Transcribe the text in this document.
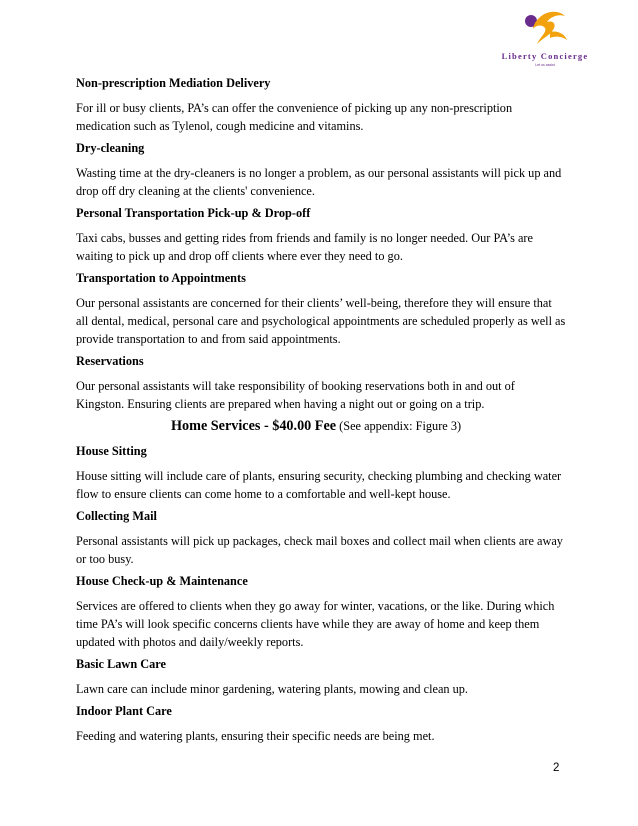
Liberty Concierge
Let us assist
Non-prescription Mediation Delivery

For ill or busy clients, PA’s can offer the convenience of picking up any non-prescription medication such as Tylenol, cough medicine and vitamins.

Dry-cleaning

Wasting time at the dry-cleaners is no longer a problem, as our personal assistants will pick up and drop off dry cleaning at the clients' convenience.

Personal Transportation Pick-up & Drop-off

Taxi cabs, busses and getting rides from friends and family is no longer needed. Our PA’s are waiting to pick up and drop off clients where ever they need to go.

Transportation to Appointments

Our personal assistants are concerned for their clients’ well-being, therefore they will ensure that all dental, medical, personal care and psychological appointments are scheduled properly as well as provide transportation to and from said appointments.

Reservations

Our personal assistants will take responsibility of booking reservations both in and out of Kingston. Ensuring clients are prepared when having a night out or going on a trip.

Home Services - $40.00 Fee (See appendix: Figure 3)
House Sitting

House sitting will include care of plants, ensuring security, checking plumbing and checking water flow to ensure clients can come home to a comfortable and well-kept house.

Collecting Mail

Personal assistants will pick up packages, check mail boxes and collect mail when clients are away or too busy.

House Check-up & Maintenance

Services are offered to clients when they go away for winter, vacations, or the like. During which time PA’s will look specific concerns clients have while they are away of home and keep them updated with photos and daily/weekly reports.

Basic Lawn Care

Lawn care can include minor gardening, watering plants, mowing and clean up.

Indoor Plant Care

Feeding and watering plants, ensuring their specific needs are being met.

2
